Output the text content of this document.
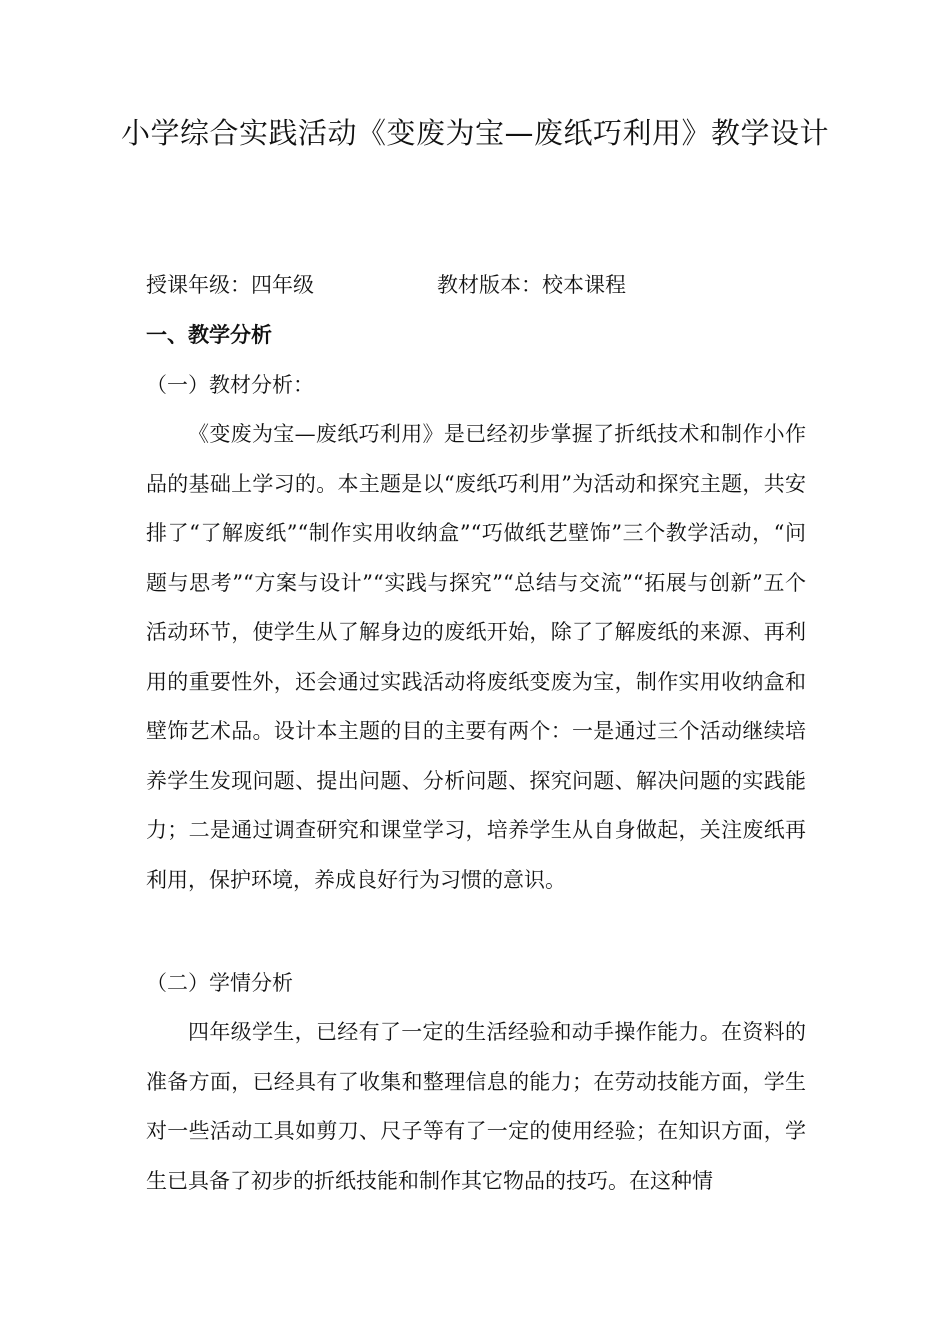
小学综合实践活动《变废为宝—废纸巧利用》教学设计
授课年级：四年级	教材版本：校本课程
一、教学分析
（一）教材分析：

《变废为宝—废纸巧利用》是已经初步掌握了折纸技术和制作小作品的基础上学习的。本主题是以“废纸巧利用”为活动和探究主题，共安排了“了解废纸”“制作实用收纳盒”“巧做纸艺壁饰”三个教学活动，“问题与思考”“方案与设计”“实践与探究”“总结与交流”“拓展与创新”五个活动环节，使学生从了解身边的废纸开始，除了了解废纸的来源、再利用的重要性外，还会通过实践活动将废纸变废为宝，制作实用收纳盒和壁饰艺术品。设计本主题的目的主要有两个：一是通过三个活动继续培养学生发现问题、提出问题、分析问题、探究问题、解决问题的实践能力；二是通过调查研究和课堂学习，培养学生从自身做起，关注废纸再利用，保护环境，养成良好行为习惯的意识。

（二）学情分析

四年级学生，已经有了一定的生活经验和动手操作能力。在资料的准备方面，已经具有了收集和整理信息的能力；在劳动技能方面，学生对一些活动工具如剪刀、尺子等有了一定的使用经验；在知识方面，学生已具备了初步的折纸技能和制作其它物品的技巧。在这种情
